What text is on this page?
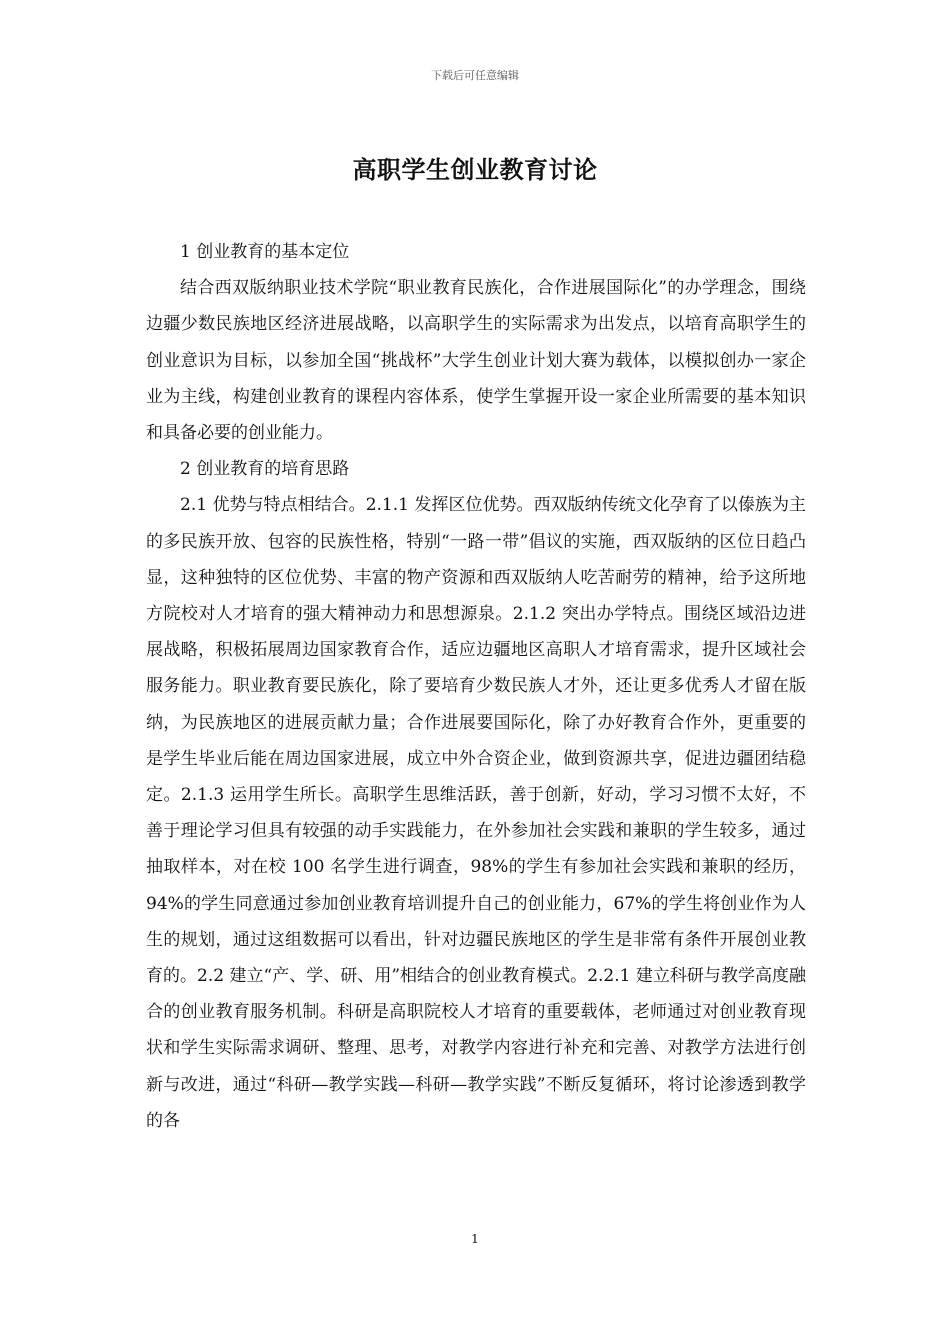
下载后可任意编辑
高职学生创业教育讨论

1 创业教育的基本定位

结合西双版纳职业技术学院“职业教育民族化，合作进展国际化”的办学理念，围绕边疆少数民族地区经济进展战略，以高职学生的实际需求为出发点，以培育高职学生的创业意识为目标，以参加全国“挑战杯”大学生创业计划大赛为载体，以模拟创办一家企业为主线，构建创业教育的课程内容体系，使学生掌握开设一家企业所需要的基本知识和具备必要的创业能力。

2 创业教育的培育思路

2.1 优势与特点相结合。2.1.1 发挥区位优势。西双版纳传统文化孕育了以傣族为主的多民族开放、包容的民族性格，特别“一路一带”倡议的实施，西双版纳的区位日趋凸显，这种独特的区位优势、丰富的物产资源和西双版纳人吃苦耐劳的精神，给予这所地方院校对人才培育的强大精神动力和思想源泉。2.1.2 突出办学特点。围绕区域沿边进展战略，积极拓展周边国家教育合作，适应边疆地区高职人才培育需求，提升区域社会服务能力。职业教育要民族化，除了要培育少数民族人才外，还让更多优秀人才留在版纳，为民族地区的进展贡献力量；合作进展要国际化，除了办好教育合作外，更重要的是学生毕业后能在周边国家进展，成立中外合资企业，做到资源共享，促进边疆团结稳定。2.1.3 运用学生所长。高职学生思维活跃，善于创新，好动，学习习惯不太好，不善于理论学习但具有较强的动手实践能力，在外参加社会实践和兼职的学生较多，通过抽取样本，对在校 100 名学生进行调查，98%的学生有参加社会实践和兼职的经历，94%的学生同意通过参加创业教育培训提升自己的创业能力，67%的学生将创业作为人生的规划，通过这组数据可以看出，针对边疆民族地区的学生是非常有条件开展创业教育的。2.2 建立“产、学、研、用”相结合的创业教育模式。2.2.1 建立科研与教学高度融合的创业教育服务机制。科研是高职院校人才培育的重要载体，老师通过对创业教育现状和学生实际需求调研、整理、思考，对教学内容进行补充和完善、对教学方法进行创新与改进，通过“科研—教学实践—科研—教学实践”不断反复循环，将讨论渗透到教学的各

1
